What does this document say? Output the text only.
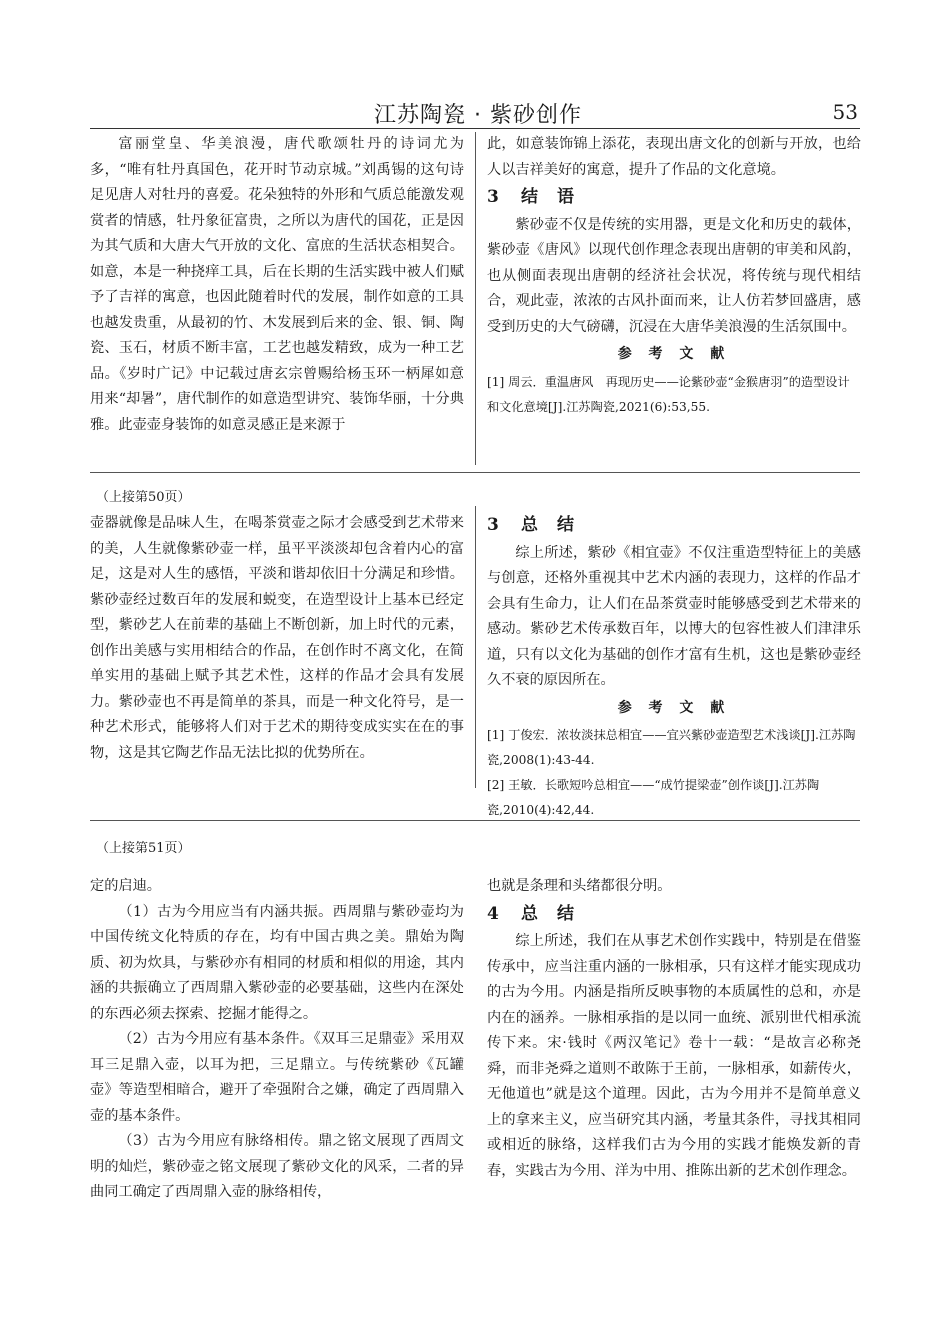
江苏陶瓷 · 紫砂创作	53

富丽堂皇、华美浪漫，唐代歌颂牡丹的诗词尤为多，“唯有牡丹真国色，花开时节动京城。”刘禹锡的这句诗足见唐人对牡丹的喜爱。花朵独特的外形和气质总能激发观赏者的情感，牡丹象征富贵，之所以为唐代的国花，正是因为其气质和大唐大气开放的文化、富庶的生活状态相契合。如意，本是一种挠痒工具，后在长期的生活实践中被人们赋予了吉祥的寓意，也因此随着时代的发展，制作如意的工具也越发贵重，从最初的竹、木发展到后来的金、银、铜、陶瓷、玉石，材质不断丰富，工艺也越发精致，成为一种工艺品。《岁时广记》中记载过唐玄宗曾赐给杨玉环一柄犀如意用来“却暑”，唐代制作的如意造型讲究、装饰华丽，十分典雅。此壶壶身装饰的如意灵感正是来源于

此，如意装饰锦上添花，表现出唐文化的创新与开放，也给人以吉祥美好的寓意，提升了作品的文化意境。

3 结　语

紫砂壶不仅是传统的实用器，更是文化和历史的载体，紫砂壶《唐风》以现代创作理念表现出唐朝的审美和风韵，也从侧面表现出唐朝的经济社会状况，将传统与现代相结合，观此壶，浓浓的古风扑面而来，让人仿若梦回盛唐，感受到历史的大气磅礴，沉浸在大唐华美浪漫的生活氛围中。

参 考 文 献

[1] 周云．重温唐风　再现历史——论紫砂壶“金猴唐羽”的造型设计和文化意境[J].江苏陶瓷,2021(6):53,55.

（上接第50页）

壶器就像是品味人生，在喝茶赏壶之际才会感受到艺术带来的美，人生就像紫砂壶一样，虽平平淡淡却包含着内心的富足，这是对人生的感悟，平淡和谐却依旧十分满足和珍惜。紫砂壶经过数百年的发展和蜕变，在造型设计上基本已经定型，紫砂艺人在前辈的基础上不断创新，加上时代的元素，创作出美感与实用相结合的作品，在创作时不离文化，在简单实用的基础上赋予其艺术性，这样的作品才会具有发展力。紫砂壶也不再是简单的茶具，而是一种文化符号，是一种艺术形式，能够将人们对于艺术的期待变成实实在在的事物，这是其它陶艺作品无法比拟的优势所在。

3 总　结

综上所述，紫砂《相宜壶》不仅注重造型特征上的美感与创意，还格外重视其中艺术内涵的表现力，这样的作品才会具有生命力，让人们在品茶赏壶时能够感受到艺术带来的感动。紫砂艺术传承数百年，以博大的包容性被人们津津乐道，只有以文化为基础的创作才富有生机，这也是紫砂壶经久不衰的原因所在。

参 考 文 献

[1] 丁俊宏．浓妆淡抹总相宜——宜兴紫砂壶造型艺术浅谈[J].江苏陶瓷,2008(1):43-44.

[2] 王敏．长歌短吟总相宜——“成竹提梁壶”创作谈[J].江苏陶瓷,2010(4):42,44.

（上接第51页）

定的启迪。

（1）古为今用应当有内涵共振。西周鼎与紫砂壶均为中国传统文化特质的存在，均有中国古典之美。鼎始为陶质、初为炊具，与紫砂亦有相同的材质和相似的用途，其内涵的共振确立了西周鼎入紫砂壶的必要基础，这些内在深处的东西必须去探索、挖掘才能得之。

（2）古为今用应有基本条件。《双耳三足鼎壶》采用双耳三足鼎入壶，以耳为把，三足鼎立。与传统紫砂《瓦罐壶》等造型相暗合，避开了牵强附合之嫌，确定了西周鼎入壶的基本条件。

（3）古为今用应有脉络相传。鼎之铭文展现了西周文明的灿烂，紫砂壶之铭文展现了紫砂文化的风采，二者的异曲同工确定了西周鼎入壶的脉络相传，

也就是条理和头绪都很分明。

4 总　结

综上所述，我们在从事艺术创作实践中，特别是在借鉴传承中，应当注重内涵的一脉相承，只有这样才能实现成功的古为今用。内涵是指所反映事物的本质属性的总和，亦是内在的涵养。一脉相承指的是以同一血统、派别世代相承流传下来。宋·钱时《两汉笔记》卷十一载：“是故言必称尧舜，而非尧舜之道则不敢陈于王前，一脉相承，如薪传火，无他道也”就是这个道理。因此，古为今用并不是简单意义上的拿来主义，应当研究其内涵，考量其条件，寻找其相同或相近的脉络，这样我们古为今用的实践才能焕发新的青春，实践古为今用、洋为中用、推陈出新的艺术创作理念。
